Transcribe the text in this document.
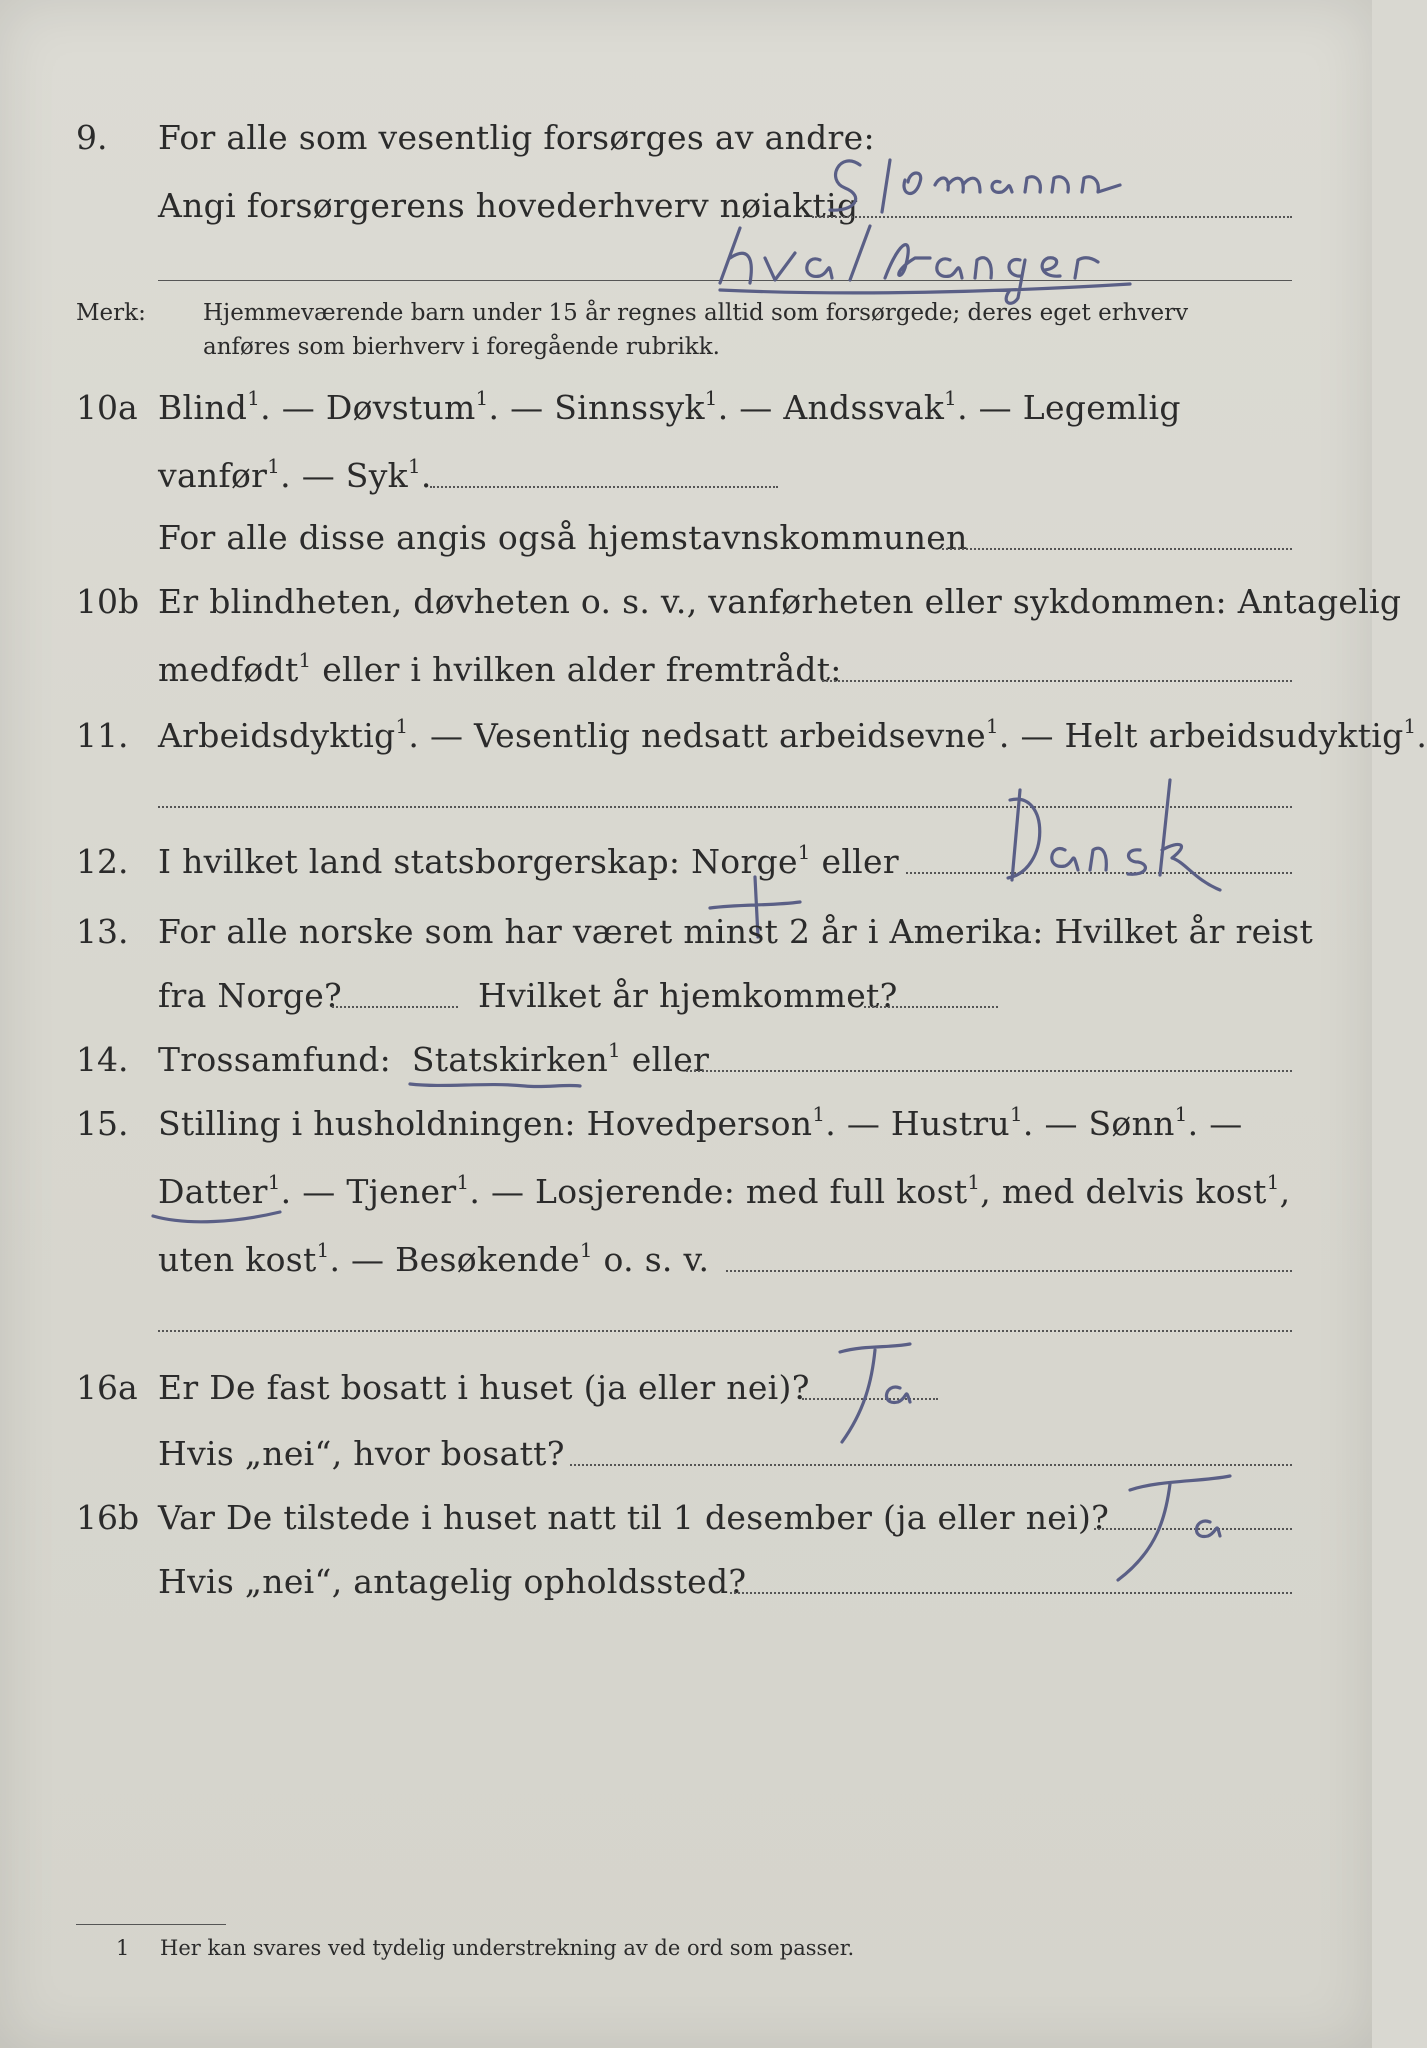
9. For alle som vesentlig forsørges av andre:
Angi forsørgerens hovederhverv nøiaktig
Merk: Hjemmeværende barn under 15 år regnes alltid som forsørgede; deres eget erhverv
anføres som bierhverv i foregående rubrikk.
10a Blind$^1$. — Døvstum$^1$. — Sinnssyk$^1$. — Andssvak$^1$. — Legemlig
vanfør$^1$. — Syk$^1$.
For alle disse angis også hjemstavnskommunen
10b Er blindheten, døvheten o. s. v., vanførheten eller sykdommen: Antagelig
medfødt$^1$ eller i hvilken alder fremtrådt:
11. Arbeidsdyktig$^1$. — Vesentlig nedsatt arbeidsevne$^1$. — Helt arbeidsudyktig$^1$.
12. I hvilket land statsborgerskap: Norge$^1$ eller
13. For alle norske som har været minst 2 år i Amerika: Hvilket år reist
fra Norge?	Hvilket år hjemkommet?
14. Trossamfund: Statskirken$^1$ eller
15. Stilling i husholdningen: Hovedperson$^1$. — Hustru$^1$. — Sønn$^1$. —
Datter$^1$. — Tjener$^1$. — Losjerende: med full kost$^1$, med delvis kost$^1$,
uten kost$^1$. — Besøkende$^1$ o. s. v.
16a Er De fast bosatt i huset (ja eller nei)?
Hvis „nei“, hvor bosatt?
16b Var De tilstede i huset natt til 1 desember (ja eller nei)?
Hvis „nei“, antagelig opholdssted?
1 Her kan svares ved tydelig understrekning av de ord som passer.
